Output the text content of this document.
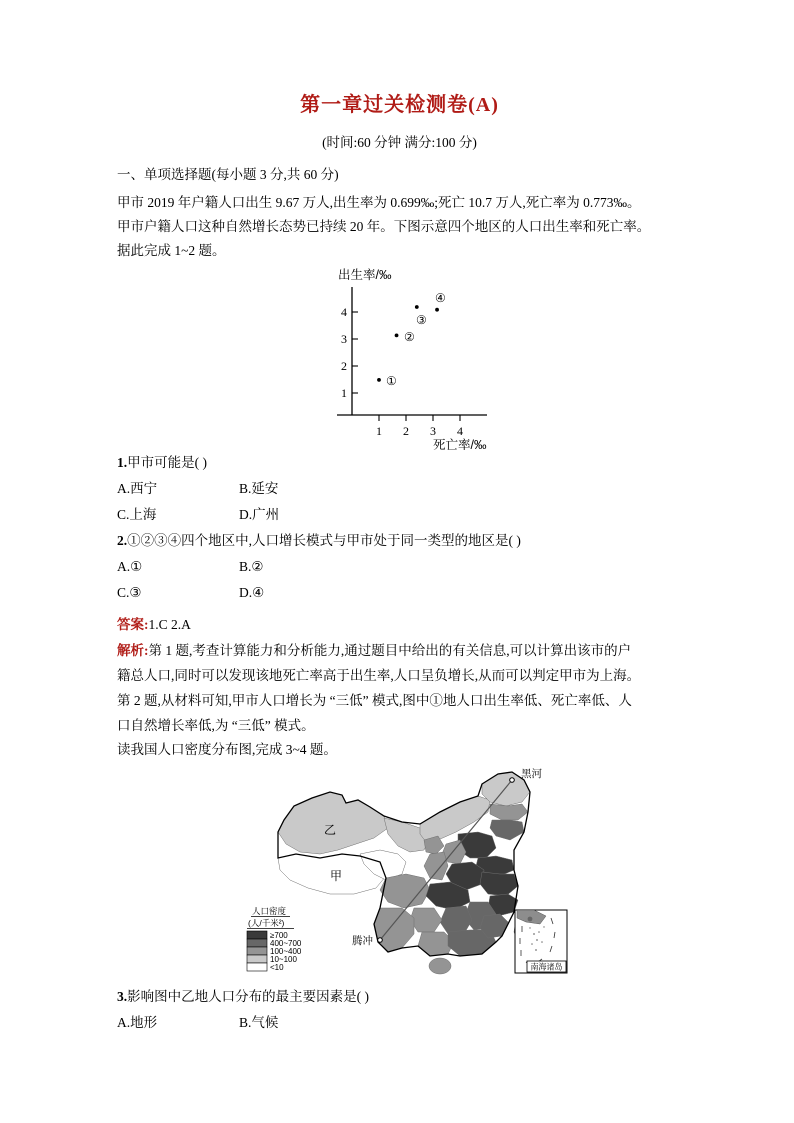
第一章过关检测卷(A)
(时间:60 分钟 满分:100 分)
一、单项选择题(每小题 3 分,共 60 分)

甲市 2019 年户籍人口出生 9.67 万人,出生率为 0.699‰;死亡 10.7 万人,死亡率为 0.773‰。

甲市户籍人口这种自然增长态势已持续 20 年。下图示意四个地区的人口出生率和死亡率。

据此完成 1~2 题。

1
2
3
4
1 2 3 4
出生率/‰
死亡率/‰
①
②
③
④

1.甲市可能是( )

A.西宁	B.延安
C.上海	D.广州

2.①②③④四个地区中,人口增长模式与甲市处于同一类型的地区是( )

A.①	B.②
C.③	D.④

答案:1.C 2.A

解析:第 1 题,考查计算能力和分析能力,通过题目中给出的有关信息,可以计算出该市的户

籍总人口,同时可以发现该地死亡率高于出生率,人口呈负增长,从而可以判定甲市为上海。

第 2 题,从材料可知,甲市人口增长为 “三低” 模式,图中①地人口出生率低、死亡率低、人

口自然增长率低,为 “三低” 模式。

读我国人口密度分布图,完成 3~4 题。

黑河
腾冲
乙
甲
人口密度
(人/千米²)
≥700
400~700
100~400
10~100
<10	南海诸岛

3.影响图中乙地人口分布的最主要因素是( )

A.地形	B.气候
